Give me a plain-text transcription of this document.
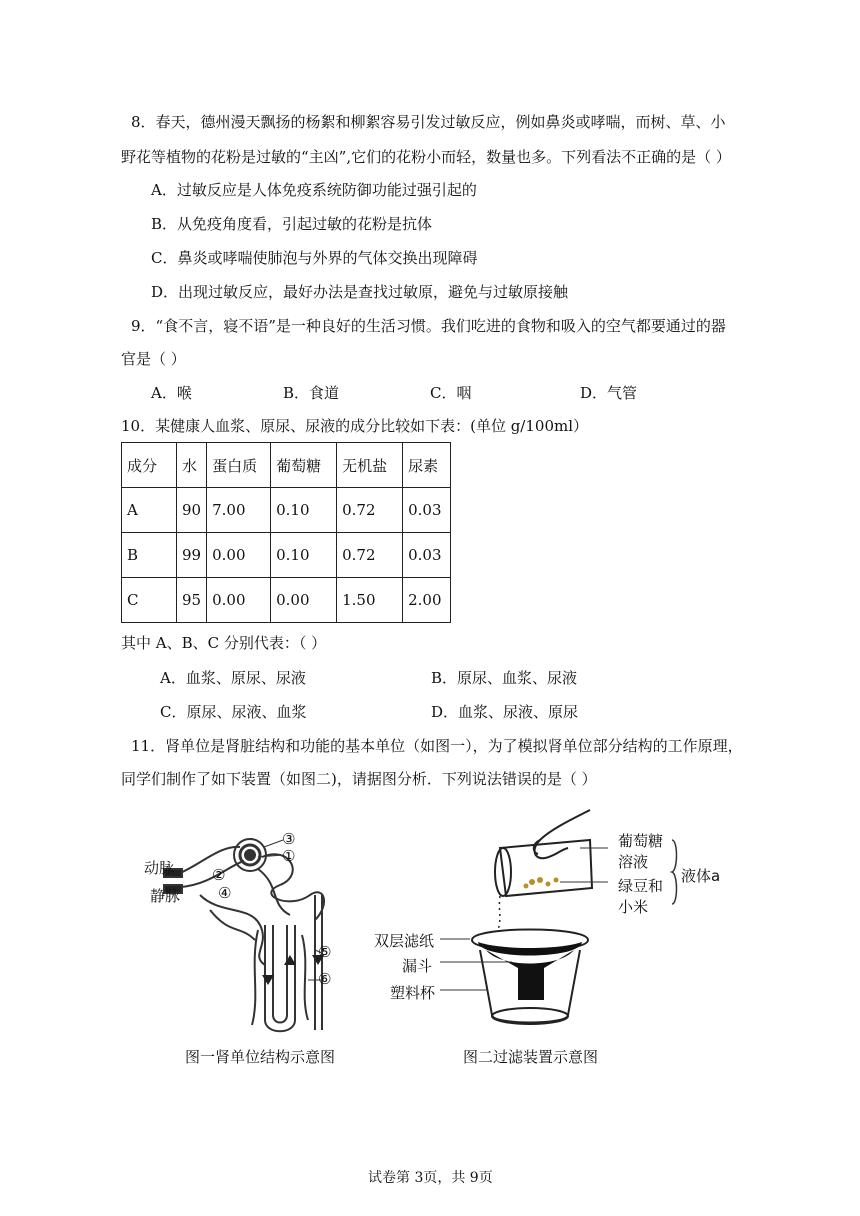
8．春天，德州漫天飘扬的杨絮和柳絮容易引发过敏反应，例如鼻炎或哮喘，而树、草、小
野花等植物的花粉是过敏的“主凶”,它们的花粉小而轻，数量也多。下列看法不正确的是（ ）
A．过敏反应是人体免疫系统防御功能过强引起的
B．从免疫角度看，引起过敏的花粉是抗体
C．鼻炎或哮喘使肺泡与外界的气体交换出现障碍
D．出现过敏反应，最好办法是查找过敏原，避免与过敏原接触
9．“食不言，寝不语”是一种良好的生活习惯。我们吃进的食物和吸入的空气都要通过的器
官是（ ）
A．喉	B．食道	C．咽	D．气管
10．某健康人血浆、原尿、尿液的成分比较如下表：(单位 g/100ml）
成分	水	蛋白质	葡萄糖	无机盐	尿素
A	90	7.00	0.10	0.72	0.03
B	99	0.00	0.10	0.72	0.03
C	95	0.00	0.00	1.50	2.00
其中 A、B、C 分别代表：（ ）
A．血浆、原尿、尿液	B．原尿、血浆、尿液
C．原尿、尿液、血浆	D．血浆、尿液、原尿
11．肾单位是肾脏结构和功能的基本单位（如图一），为了模拟肾单位部分结构的工作原理，
同学们制作了如下装置（如图二)，请据图分析．下列说法错误的是（ ）
动脉
静脉
③
①
②
④
⑤
⑥
图一肾单位结构示意图
葡萄糖
溶液
绿豆和
小米
液体a
双层滤纸
漏斗
塑料杯
图二过滤装置示意图
试卷第 3页，共 9页
